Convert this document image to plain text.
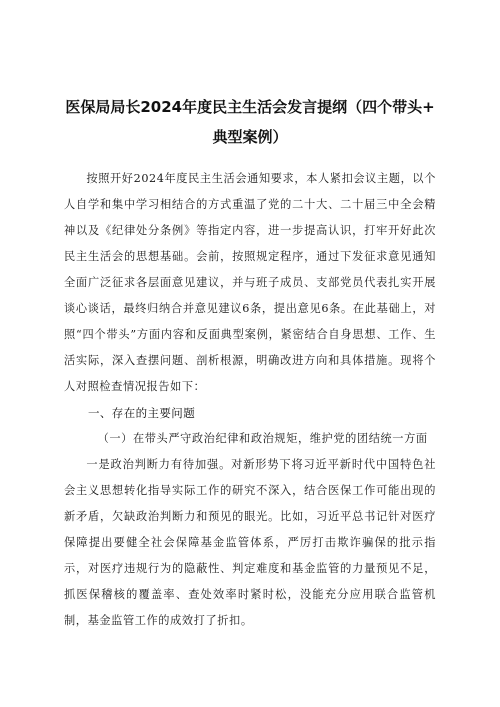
医保局局长2024年度民主生活会发言提纲（四个带头+
典型案例）

按照开好2024年度民主生活会通知要求，本人紧扣会议主题，以个人自学和集中学习相结合的方式重温了党的二十大、二十届三中全会精神以及《纪律处分条例》等指定内容，进一步提高认识，打牢开好此次民主生活会的思想基础。会前，按照规定程序，通过下发征求意见通知全面广泛征求各层面意见建议，并与班子成员、支部党员代表扎实开展谈心谈话，最终归纳合并意见建议6条，提出意见6条。在此基础上，对照“四个带头”方面内容和反面典型案例，紧密结合自身思想、工作、生活实际，深入查摆问题、剖析根源，明确改进方向和具体措施。现将个人对照检查情况报告如下：

一、存在的主要问题

（一）在带头严守政治纪律和政治规矩，维护党的团结统一方面

一是政治判断力有待加强。对新形势下将习近平新时代中国特色社会主义思想转化指导实际工作的研究不深入，结合医保工作可能出现的新矛盾，欠缺政治判断力和预见的眼光。比如，习近平总书记针对医疗保障提出要健全社会保障基金监管体系，严厉打击欺诈骗保的批示指示，对医疗违规行为的隐蔽性、判定难度和基金监管的力量预见不足，抓医保稽核的覆盖率、查处效率时紧时松，没能充分应用联合监管机制，基金监管工作的成效打了折扣。
